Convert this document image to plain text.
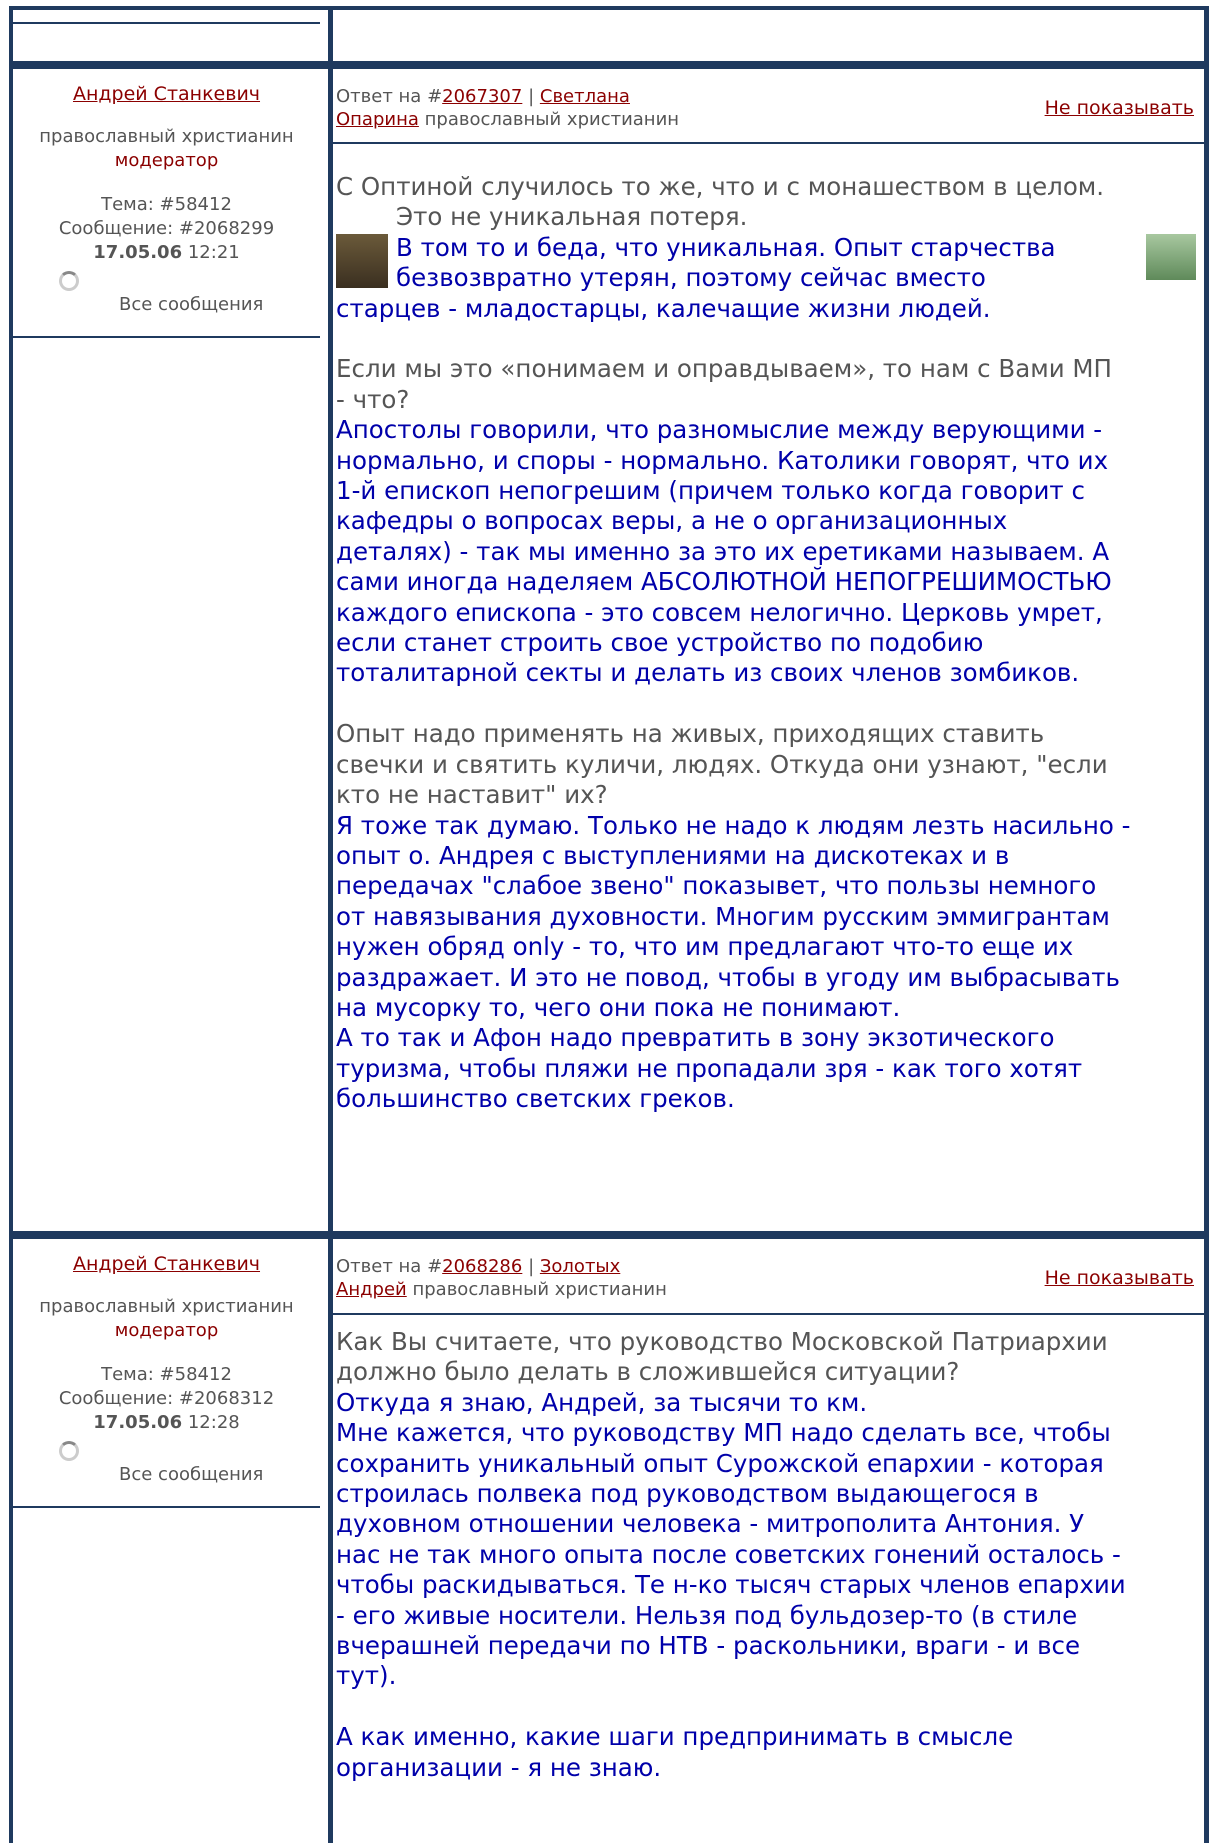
Андрей Станкевич

православный христианин
модератор
Тема: #58412
Сообщение: #2068299
17.05.06 12:21

Все сообщения
Ответ на #2067307 | Светлана
Опарина православный христианин
Не показывать
С Оптиной случилось то же, что и с монашеством в целом.
Это не уникальная потеря.
В том то и беда, что уникальная. Опыт старчества
безвозвратно утерян, поэтому сейчас вместо
старцев - младостарцы, калечащие жизни людей.
Если мы это «понимаем и оправдываем», то нам с Вами МП
- что?
Апостолы говорили, что разномыслие между верующими -
нормально, и споры - нормально. Католики говорят, что их
1-й епископ непогрешим (причем только когда говорит с
кафедры о вопросах веры, а не о организационных
деталях) - так мы именно за это их еретиками называем. А
сами иногда наделяем АБСОЛЮТНОЙ НЕПОГРЕШИМОСТЬЮ
каждого епископа - это совсем нелогично. Церковь умрет,
если станет строить свое устройство по подобию
тоталитарной секты и делать из своих членов зомбиков.
Опыт надо применять на живых, приходящих ставить
свечки и святить куличи, людях. Откуда они узнают, "если
кто не наставит" их?
Я тоже так думаю. Только не надо к людям лезть насильно -
опыт о. Андрея с выступлениями на дискотеках и в
передачах "слабое звено" показывет, что пользы немного
от навязывания духовности. Многим русским эммигрантам
нужен обряд only - то, что им предлагают что-то еще их
раздражает. И это не повод, чтобы в угоду им выбрасывать
на мусорку то, чего они пока не понимают.
А то так и Афон надо превратить в зону экзотического
туризма, чтобы пляжи не пропадали зря - как того хотят
большинство светских греков.
Андрей Станкевич

православный христианин
модератор
Тема: #58412
Сообщение: #2068312
17.05.06 12:28

Все сообщения
Ответ на #2068286 | Золотых
Андрей православный христианин
Не показывать
Как Вы считаете, что руководство Московской Патриархии
должно было делать в сложившейся ситуации?
Откуда я знаю, Андрей, за тысячи то км.
Мне кажется, что руководству МП надо сделать все, чтобы
сохранить уникальный опыт Сурожской епархии - которая
строилась полвека под руководством выдающегося в
духовном отношении человека - митрополита Антония. У
нас не так много опыта после советских гонений осталось -
чтобы раскидываться. Те н-ко тысяч старых членов епархии
- его живые носители. Нельзя под бульдозер-то (в стиле
вчерашней передачи по НТВ - раскольники, враги - и все
тут).
А как именно, какие шаги предпринимать в смысле
организации - я не знаю.
